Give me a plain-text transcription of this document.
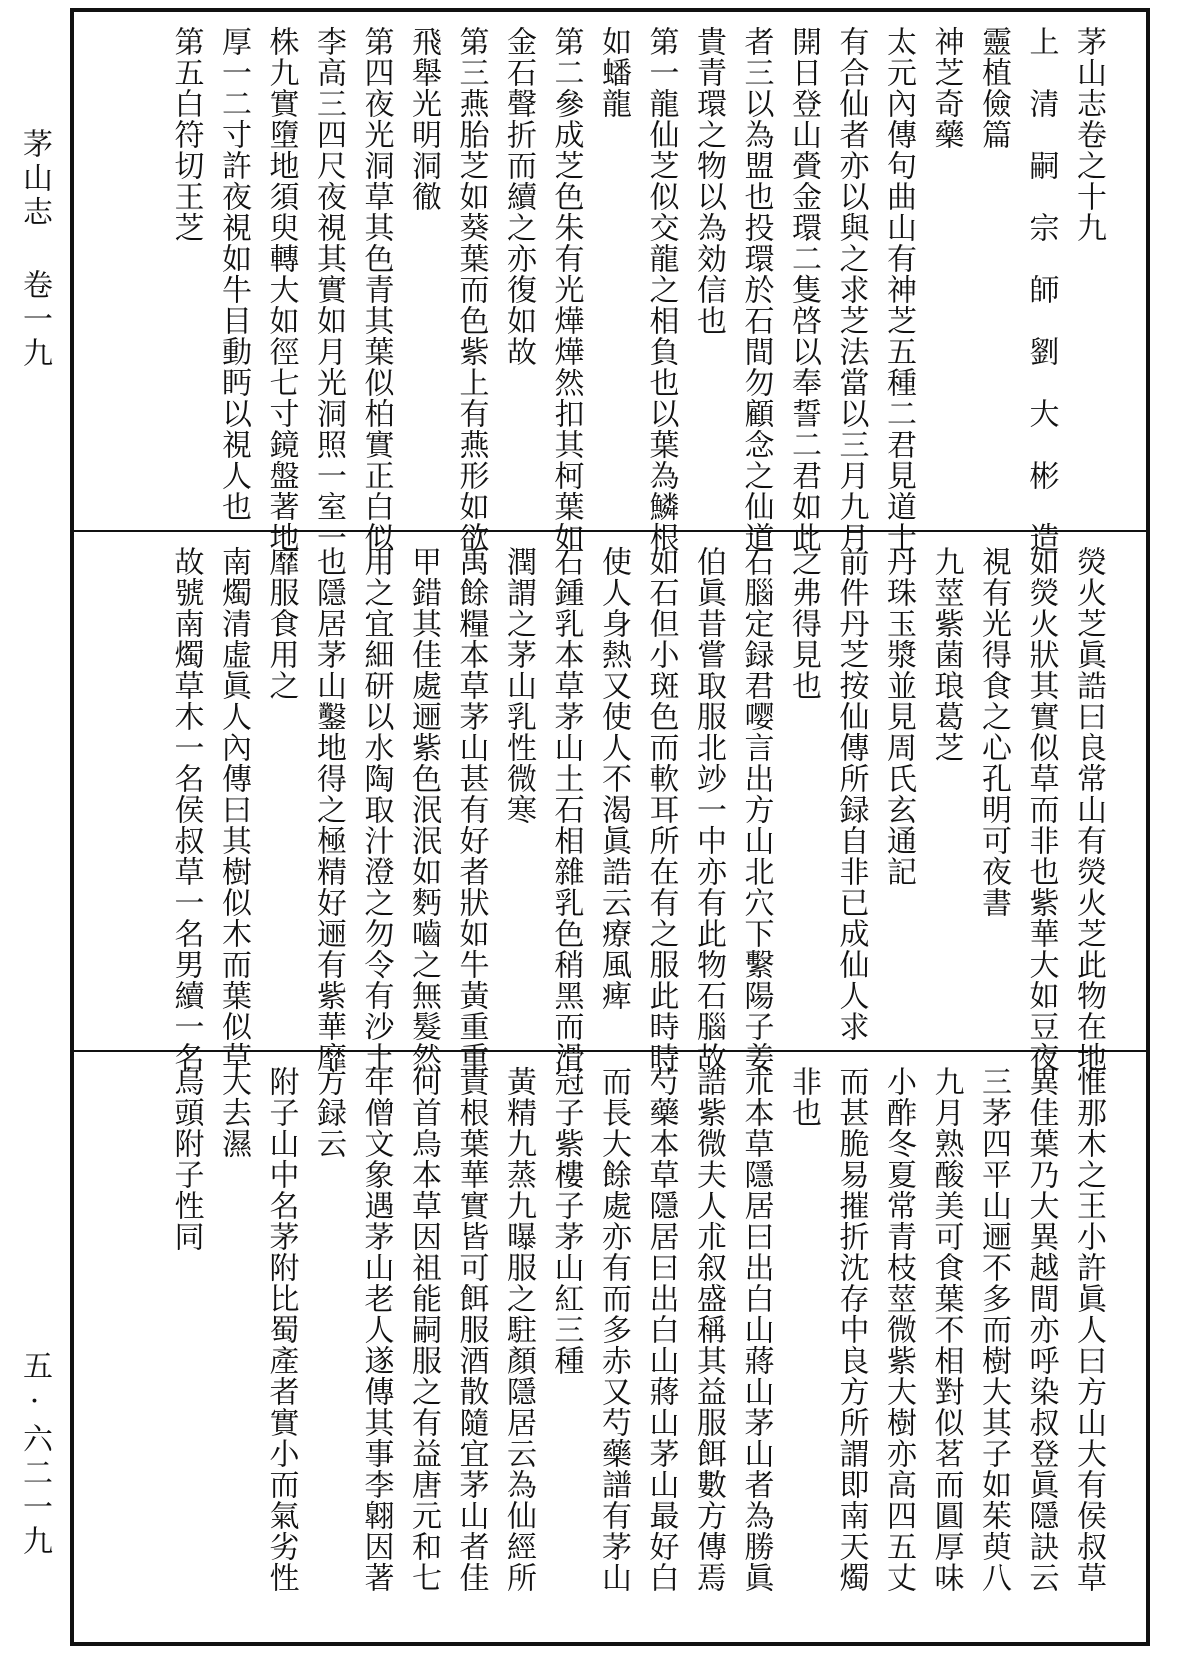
茅山志 卷一九
五·六二一九
茅山志卷之十九
上　清　嗣　宗　師　劉　大　彬　造
靈植儉篇
神芝奇藥
太元內傳句曲山有神芝五種二君見道士
有合仙者亦以與之求芝法當以三月九月
開日登山賫金環二隻啓以奉誓二君如此
者三以為盟也投環於石間勿顧念之仙道
貴青環之物以為効信也
第一龍仙芝似交龍之相負也以葉為鱗根
如蟠龍
第二參成芝色朱有光燁燁然扣其柯葉如
金石聲折而續之亦復如故
第三燕胎芝如葵葉而色紫上有燕形如欲
飛舉光明洞徹
第四夜光洞草其色青其葉似柏實正白似
李高三四尺夜視其實如月光洞照一室一
株九實墮地須臾轉大如徑七寸鏡盤著地
厚一二寸許夜視如牛目動眄以視人也
第五白符切王芝
熒火芝眞誥曰良常山有熒火芝此物在地
如熒火狀其實似草而非也紫華大如豆夜
視有光得食之心孔明可夜書
九莖紫菌琅葛芝
丹珠玉漿並見周氏玄通記
前件丹芝按仙傳所録自非已成仙人求
之弗得見也
石腦定録君嘤言出方山北穴下繫陽子姜
伯眞昔嘗取服北竗一中亦有此物石腦故
如石但小斑色而軟耳所在有之服此時時
使人身熱又使人不渴眞誥云療風痺
石鍾乳本草茅山土石相雜乳色稍黑而滑
潤謂之茅山乳性微寒
禹餘糧本草茅山甚有好者狀如牛黃重重
甲錯其佳處逦紫色泯泯如麪嚙之無髮然
用之宜細研以水陶取汁澄之勿令有沙土
也隱居茅山鑿地得之極精好逦有紫華靡
靡服食用之
南燭清虛眞人內傳曰其樹似木而葉似草
故號南燭草木一名侯叔草一名男續一名
惟那木之王小許眞人曰方山大有侯叔草
異佳葉乃大異越間亦呼染叔登眞隱訣云
三茅四平山逦不多而樹大其子如茱萸八
九月熟酸美可食葉不相對似茗而圓厚味
小酢冬夏常青枝莖微紫大樹亦高四五丈
而甚脆易摧折沈存中良方所謂即南天燭
非也
朮本草隱居曰出白山蔣山茅山者為勝眞
誥紫微夫人朮叙盛稱其益服餌數方傳焉
芍藥本草隱居曰出白山蔣山茅山最好白
而長大餘處亦有而多赤又芍藥譜有茅山
冠子紫樓子茅山紅三種
黃精九蒸九曝服之駐顏隱居云為仙經所
貴根葉華實皆可餌服酒散隨宜茅山者佳
何首烏本草因祖能嗣服之有益唐元和七
年僧文象遇茅山老人遂傳其事李翺因著
方録云
附子山中名茅附比蜀產者實小而氣劣性
大去濕
烏頭附子性同
